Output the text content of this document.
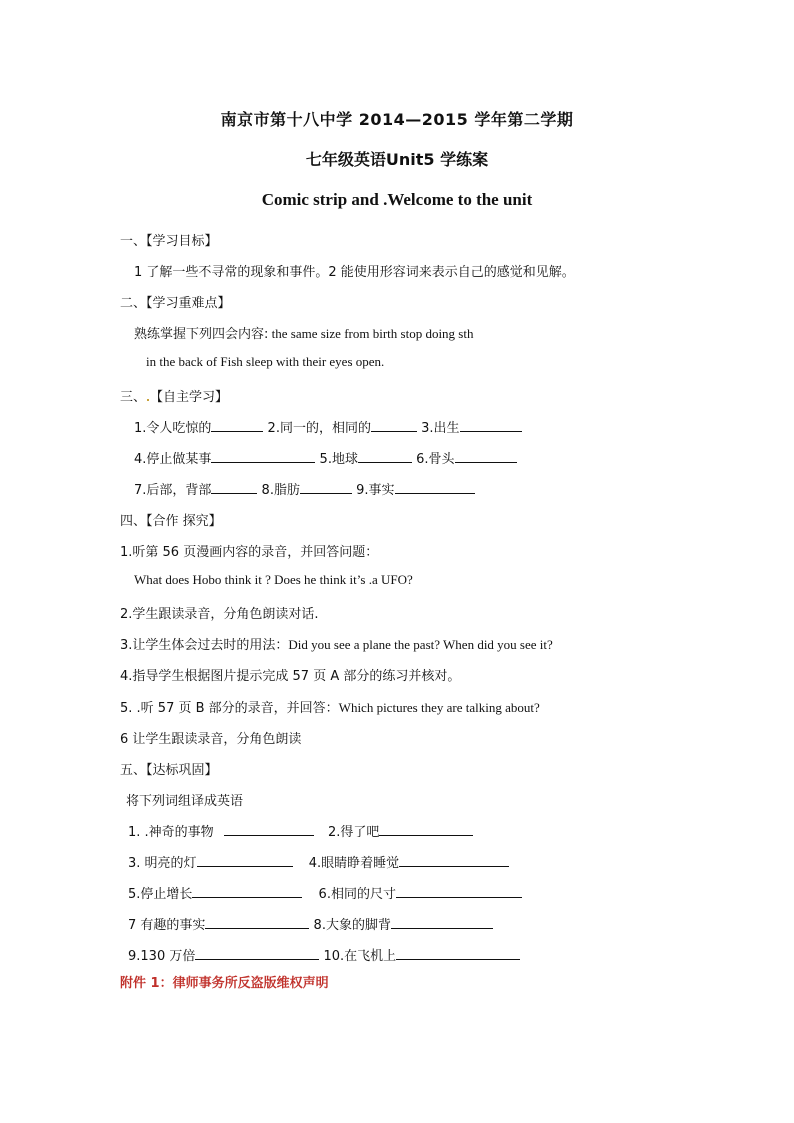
南京市第十八中学 2014—2015 学年第二学期
七年级英语Unit5 学练案
Comic strip and .Welcome to the unit
一、【学习目标】
1 了解一些不寻常的现象和事件。2 能使用形容词来表示自己的感觉和见解。
二、【学习重难点】
熟练掌握下列四会内容: the same size from birth stop doing sth
in the back of Fish sleep with their eyes open.
三、 【自主学习】
1.令人吃惊的	2.同一的，相同的	3.出生
4.停止做某事	5.地球	6.骨头
7.后部，背部	8.脂肪	9.事实
四、【合作 探究】
1.听第 56 页漫画内容的录音，并回答问题：
What does Hobo think it ? Does he think it’s .a UFO?
2.学生跟读录音，分角色朗读对话.
3.让学生体会过去时的用法：Did you see a plane the past? When did you see it?
4.指导学生根据图片提示完成 57 页 A 部分的练习并核对。
5. .听 57 页 B 部分的录音，并回答：Which pictures they are talking about?
6 让学生跟读录音，分角色朗读
五、【达标巩固】
将下列词组译成英语
1. .神奇的事物	2.得了吧
3. 明亮的灯	4.眼睛睁着睡觉
5.停止增长	6.相同的尺寸
7 有趣的事实	8.大象的脚背
9.130 万倍	10.在飞机上
附件 1：律师事务所反盗版维权声明
